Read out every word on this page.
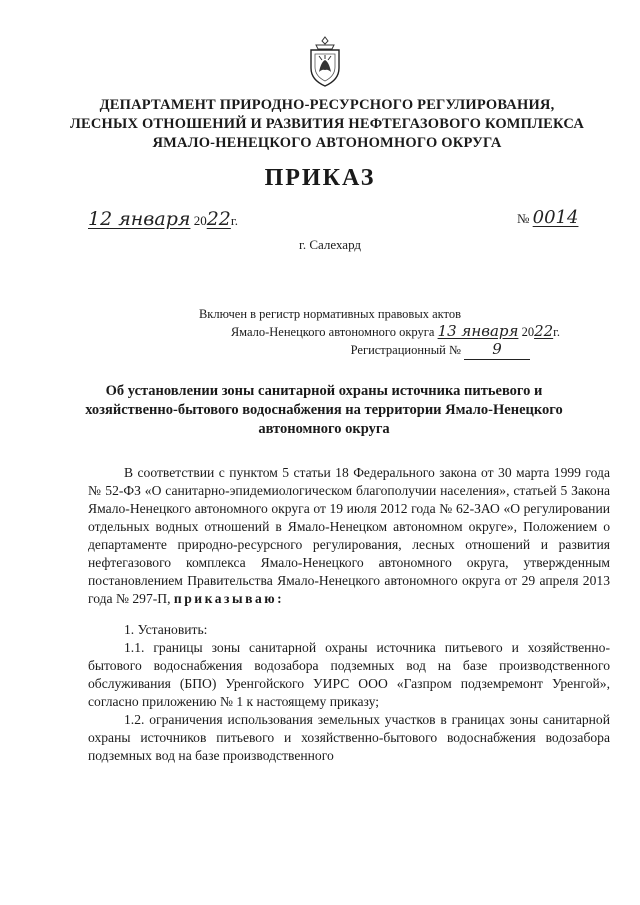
ДЕПАРТАМЕНТ ПРИРОДНО-РЕСУРСНОГО РЕГУЛИРОВАНИЯ,
ЛЕСНЫХ ОТНОШЕНИЙ И РАЗВИТИЯ НЕФТЕГАЗОВОГО КОМПЛЕКСА
ЯМАЛО-НЕНЕЦКОГО АВТОНОМНОГО ОКРУГА
ПРИКАЗ
12 января 2022г.	№ 0014
г. Салехард
Включен в регистр нормативных правовых актов
Ямало-Ненецкого автономного округа 13 января 2022г.
Регистрационный № 9
Об установлении зоны санитарной охраны источника питьевого и хозяйственно-бытового водоснабжения на территории Ямало-Ненецкого автономного округа

В соответствии с пунктом 5 статьи 18 Федерального закона от 30 марта 1999 года № 52-ФЗ «О санитарно-эпидемиологическом благополучии населения», статьей 5 Закона Ямало-Ненецкого автономного округа от 19 июля 2012 года № 62-ЗАО «О регулировании отдельных водных отношений в Ямало-Ненецком автономном округе», Положением о департаменте природно-ресурсного регулирования, лесных отношений и развития нефтегазового комплекса Ямало-Ненецкого автономного округа, утвержденным постановлением Правительства Ямало-Ненецкого автономного округа от 29 апреля 2013 года № 297-П, приказываю:

1. Установить:

1.1. границы зоны санитарной охраны источника питьевого и хозяйственно-бытового водоснабжения водозабора подземных вод на базе производственного обслуживания (БПО) Уренгойского УИРС ООО «Газпром подземремонт Уренгой», согласно приложению № 1 к настоящему приказу;

1.2. ограничения использования земельных участков в границах зоны санитарной охраны источников питьевого и хозяйственно-бытового водоснабжения водозабора подземных вод на базе производственного
